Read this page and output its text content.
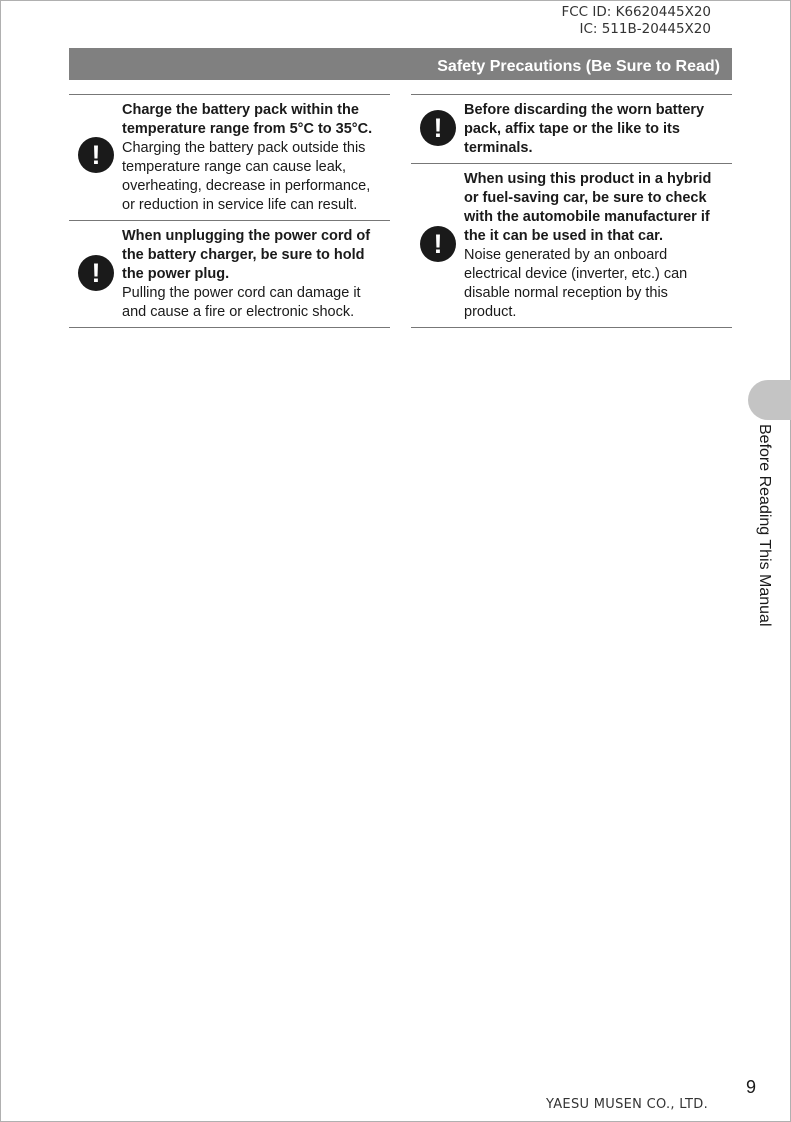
FCC ID: K6620445X20
IC: 511B-20445X20
Safety Precautions (Be Sure to Read)
!
Charge the battery pack within the
temperature range from 5°C to 35°C.
Charging the battery pack outside this
temperature range can cause leak,
overheating, decrease in performance,
or reduction in service life can result.
!
When unplugging the power cord of
the battery charger, be sure to hold
the power plug.
Pulling the power cord can damage it
and cause a fire or electronic shock.
!
Before discarding the worn battery
pack, affix tape or the like to its
terminals.
!
When using this product in a hybrid
or fuel-saving car, be sure to check
with the automobile manufacturer if
the it can be used in that car.
Noise generated by an onboard
electrical device (inverter, etc.) can
disable normal reception by this
product.
Before Reading This Manual
9
YAESU MUSEN CO., LTD.
